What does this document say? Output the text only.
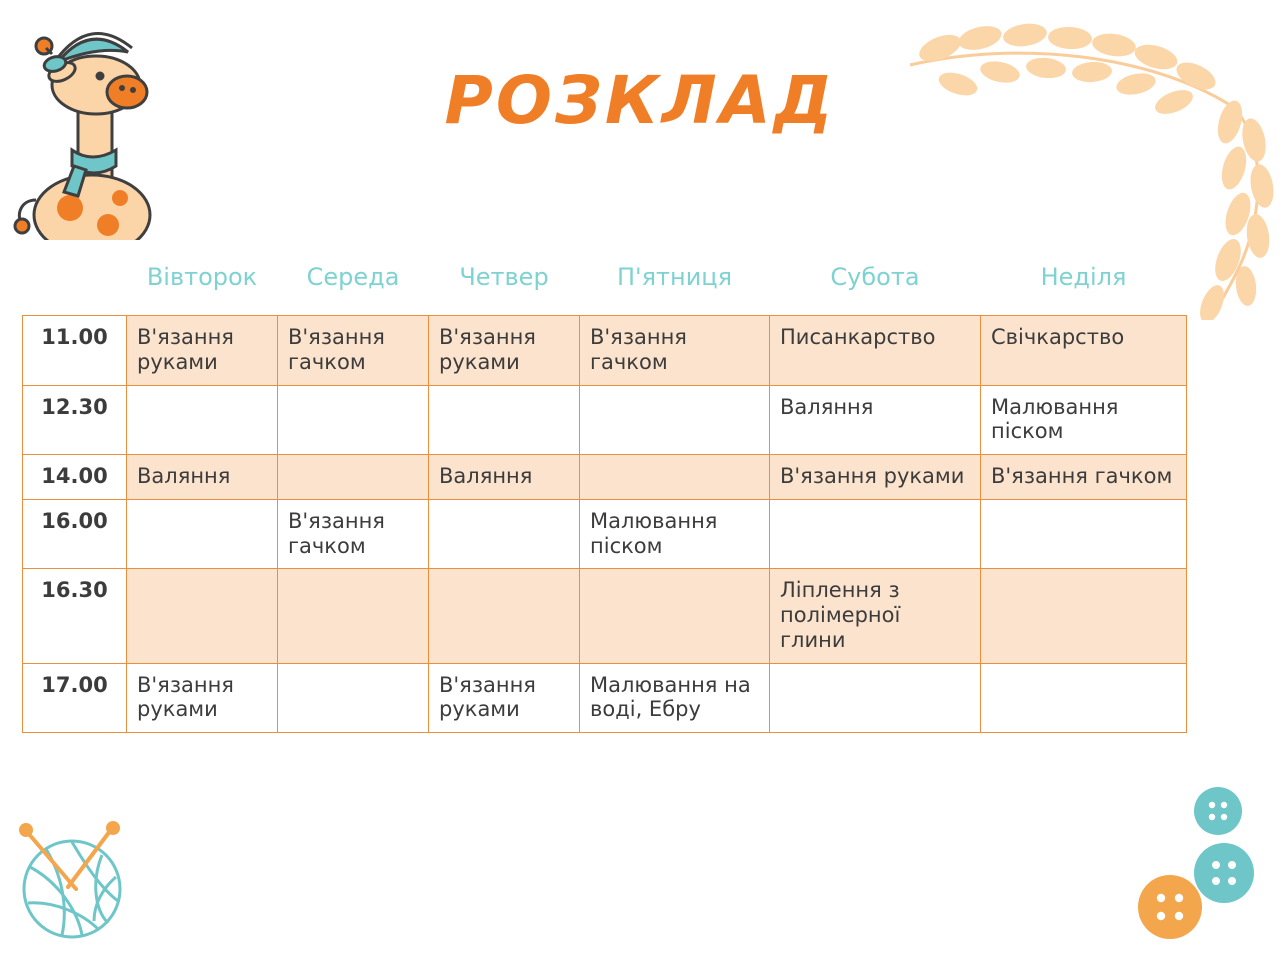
РОЗКЛАД
	Вівторок	Середа	Четвер	П'ятниця	Субота	Неділя
11.00	В'язання руками	В'язання гачком	В'язання руками	В'язання гачком	Писанкарство	Свічкарство
12.30					Валяння	Малювання піском
14.00	Валяння		Валяння		В'язання руками	В'язання гачком
16.00		В'язання гачком		Малювання піском		
16.30					Ліплення з полімерної глини	
17.00	В'язання руками		В'язання руками	Малювання на воді, Ебру		
